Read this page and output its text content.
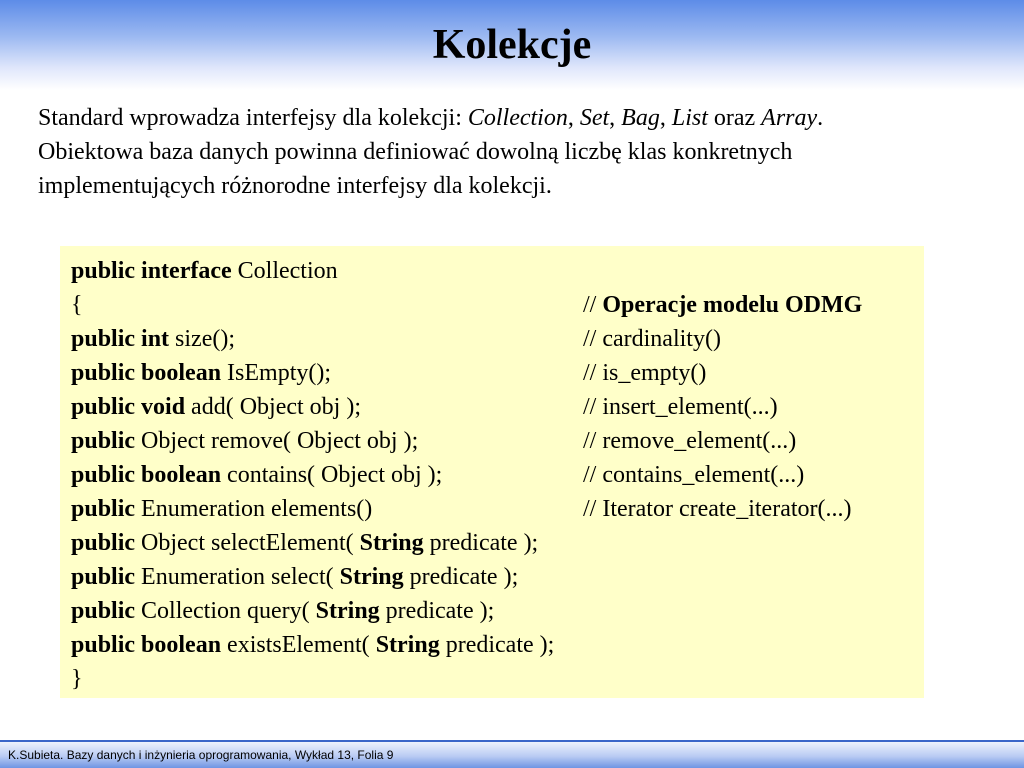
Kolekcje
Standard wprowadza interfejsy dla kolekcji: Collection, Set, Bag, List oraz Array.
Obiektowa baza danych powinna definiować dowolną liczbę klas konkretnych
implementujących różnorodne interfejsy dla kolekcji.
public interface Collection
{	// Operacje modelu ODMG
public int size();	// cardinality()
public boolean IsEmpty();	// is_empty()
public void add( Object obj );	// insert_element(...)
public Object remove( Object obj );	// remove_element(...)
public boolean contains( Object obj );	// contains_element(...)
public Enumeration elements()	// Iterator create_iterator(...)
public Object selectElement( String predicate );
public Enumeration select( String predicate );
public Collection query( String predicate );
public boolean existsElement( String predicate );
}
K.Subieta. Bazy danych i inżynieria oprogramowania, Wykład 13, Folia 9
